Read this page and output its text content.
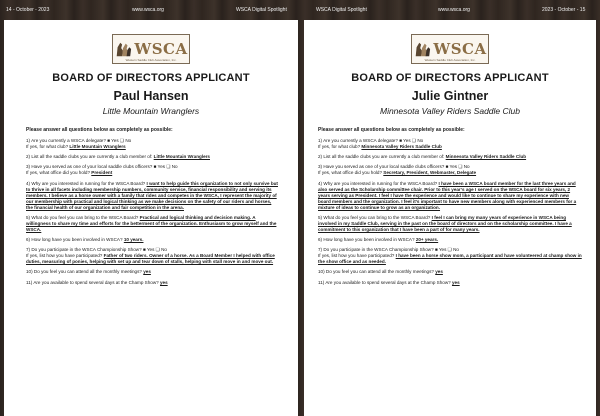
14 - October - 2023	www.wsca.org	WSCA Digital Spotlight	WSCA Digital Spotlight	www.wsca.org	2023 - October - 15
WSCA
Western Saddle Club Association, Inc.
BOARD OF DIRECTORS APPLICANT
Paul Hansen
Little Mountain Wranglers

Please answer all questions below as completely as possible:

1) Are you currently a WSCA delegate? ■ Yes ❑ No
If yes, for what club? Little Mountain Wranglers

2) List all the saddle clubs you are currently a club member of: Little Mountain Wranglers

3) Have you served as one of your local saddle clubs officers? ■ Yes ❑ No
If yes, what office did you hold? President

4) Why are you interested in running for the WSCA Board? I want to help guide this organization to not only survive but to thrive in all facets including membership numbers, community service, financial responsibility and serving its members. I believe as a horse owner with a family that rides and competes in the WSCA, I represent the majority of our membership with practical and logical thinking as we make decisions on the safety of our riders and horses, the financial health of our organization and fair competition in the arena.

5) What do you feel you can bring to the WSCA Board? Practical and logical thinking and decision making. A willingness to share my time and efforts for the betterment of the organization. Enthusiasm to grow myself and the WSCA.

6) How long have you been involved in WSCA? 10 years.

7) Do you participate in the WSCA Championship Show? ■ Yes ❑ No
If yes, list how you have participated? Father of two riders. Owner of a horse. As a Board Member I helped with office duties, measuring of ponies, helping with set up and tear down of stalls, helping with stall move in and move out.

10) Do you feel you can attend all the monthly meetings? yes

11) Are you available to spend several days at the Champ Show? yes

WSCA
Western Saddle Club Association, Inc.
BOARD OF DIRECTORS APPLICANT
Julie Gintner
Minnesota Valley Riders Saddle Club

Please answer all questions below as completely as possible:

1) Are you currently a WSCA delegate? ■ Yes ❑ No
If yes, for what club? Minnesota Valley Riders Saddle Club

2) List all the saddle clubs you are currently a club member of: Minnesota Valley Riders Saddle Club

3) Have you served as one of your local saddle clubs officers? ■ Yes ❑ No
If yes, what office did you hold? Secretary, President, Webmaster, Delegate

4) Why are you interested in running for the WSCA Board? I have been a WSCA board member for the last three years and also served as the Scholarship committee chair. Prior to this year’s age I served on the WSCA board for six years, 2 years serving as President. I feel I have the experience and would like to continue to share my experience with new board members and the organization. I feel it’s important to have new members along with experienced members for a mixture of ideas to continue to grow as an organization.

5) What do you feel you can bring to the WSCA Board? I feel I can bring my many years of experience in WSCA being involved in my Saddle Club, serving in the past on the board of directors and on the scholarship committee. I have a commitment to this organization that I have been a part of for many years.

6) How long have you been involved in WSCA? 20+ years.

7) Do you participate in the WSCA Championship Show? ■ Yes ❑ No
If yes, list how you have participated? I have been a horse show mom, a participant and have volunteered at champ show in the show office and as needed.

10) Do you feel you can attend all the monthly meetings? yes

11) Are you available to spend several days at the Champ Show? yes
